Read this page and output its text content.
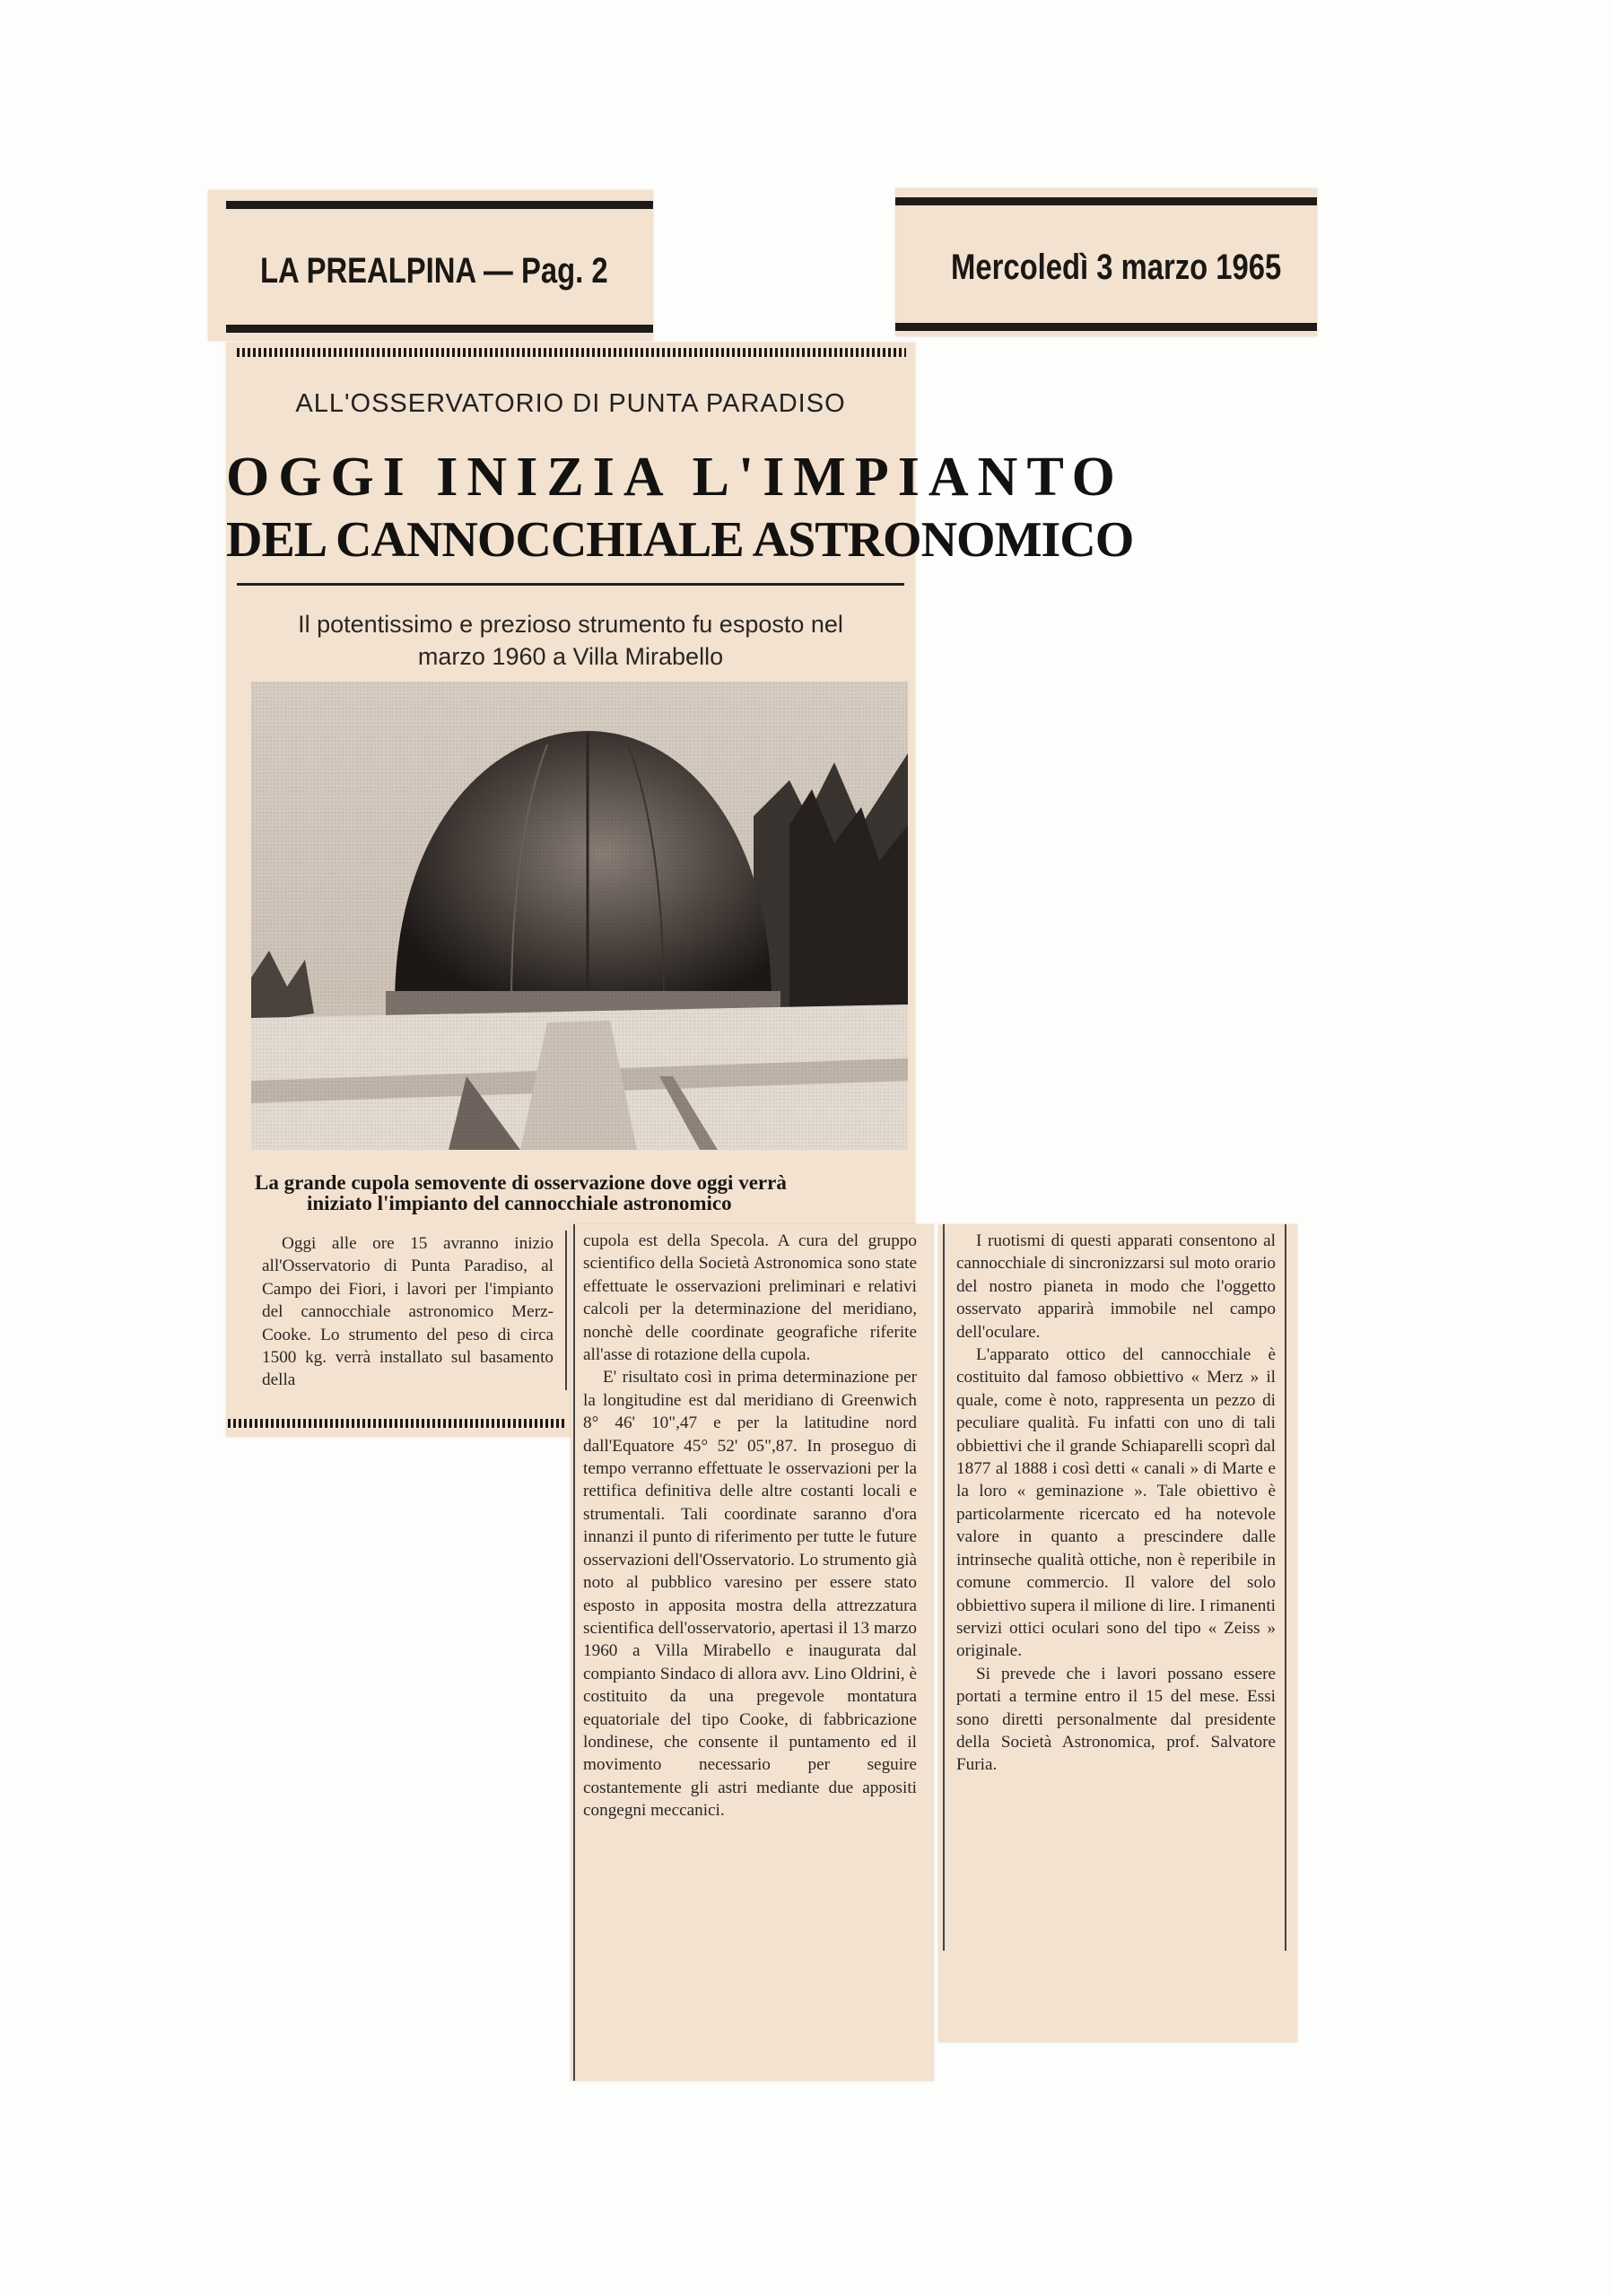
LA PREALPINA — Pag. 2	Mercoledì 3 marzo 1965
ALL'OSSERVATORIO DI PUNTA PARADISO
OGGI INIZIA L'IMPIANTO
DEL CANNOCCHIALE ASTRONOMICO
Il potentissimo e prezioso strumento fu esposto nel
marzo 1960 a Villa Mirabello
La grande cupola semovente di osservazione dove oggi verrà
iniziato l'impianto del cannocchiale astronomico

Oggi alle ore 15 avranno inizio all'Osservatorio di Punta Paradiso, al Campo dei Fiori, i lavori per l'impianto del cannocchiale astronomico Merz-Cooke. Lo strumento del peso di circa 1500 kg. verrà installato sul basamento della

cupola est della Specola. A cura del gruppo scientifico della Società Astronomica sono state effettuate le osservazioni preliminari e relativi calcoli per la determinazione del meridiano, nonchè delle coordinate geografiche riferite all'asse di rotazione della cupola.

E' risultato così in prima determinazione per la longitudine est dal meridiano di Greenwich 8° 46' 10",47 e per la latitudine nord dall'Equatore 45° 52' 05",87. In proseguo di tempo verranno effettuate le osservazioni per la rettifica definitiva delle altre costanti locali e strumentali. Tali coordinate saranno d'ora innanzi il punto di riferimento per tutte le future osservazioni dell'Osservatorio. Lo strumento già noto al pubblico varesino per essere stato esposto in apposita mostra della attrezzatura scientifica dell'osservatorio, apertasi il 13 marzo 1960 a Villa Mirabello e inaugurata dal compianto Sindaco di allora avv. Lino Oldrini, è costituito da una pregevole montatura equatoriale del tipo Cooke, di fabbricazione londinese, che consente il puntamento ed il movimento necessario per seguire costantemente gli astri mediante due appositi congegni meccanici.

I ruotismi di questi apparati consentono al cannocchiale di sincronizzarsi sul moto orario del nostro pianeta in modo che l'oggetto osservato apparirà immobile nel campo dell'oculare.

L'apparato ottico del cannocchiale è costituito dal famoso obbiettivo « Merz » il quale, come è noto, rappresenta un pezzo di peculiare qualità. Fu infatti con uno di tali obbiettivi che il grande Schiaparelli scoprì dal 1877 al 1888 i così detti « canali » di Marte e la loro « geminazione ». Tale obiettivo è particolarmente ricercato ed ha notevole valore in quanto a prescindere dalle intrinseche qualità ottiche, non è reperibile in comune commercio. Il valore del solo obbiettivo supera il milione di lire. I rimanenti servizi ottici oculari sono del tipo « Zeiss » originale.

Si prevede che i lavori possano essere portati a termine entro il 15 del mese. Essi sono diretti personalmente dal presidente della Società Astronomica, prof. Salvatore Furia.
